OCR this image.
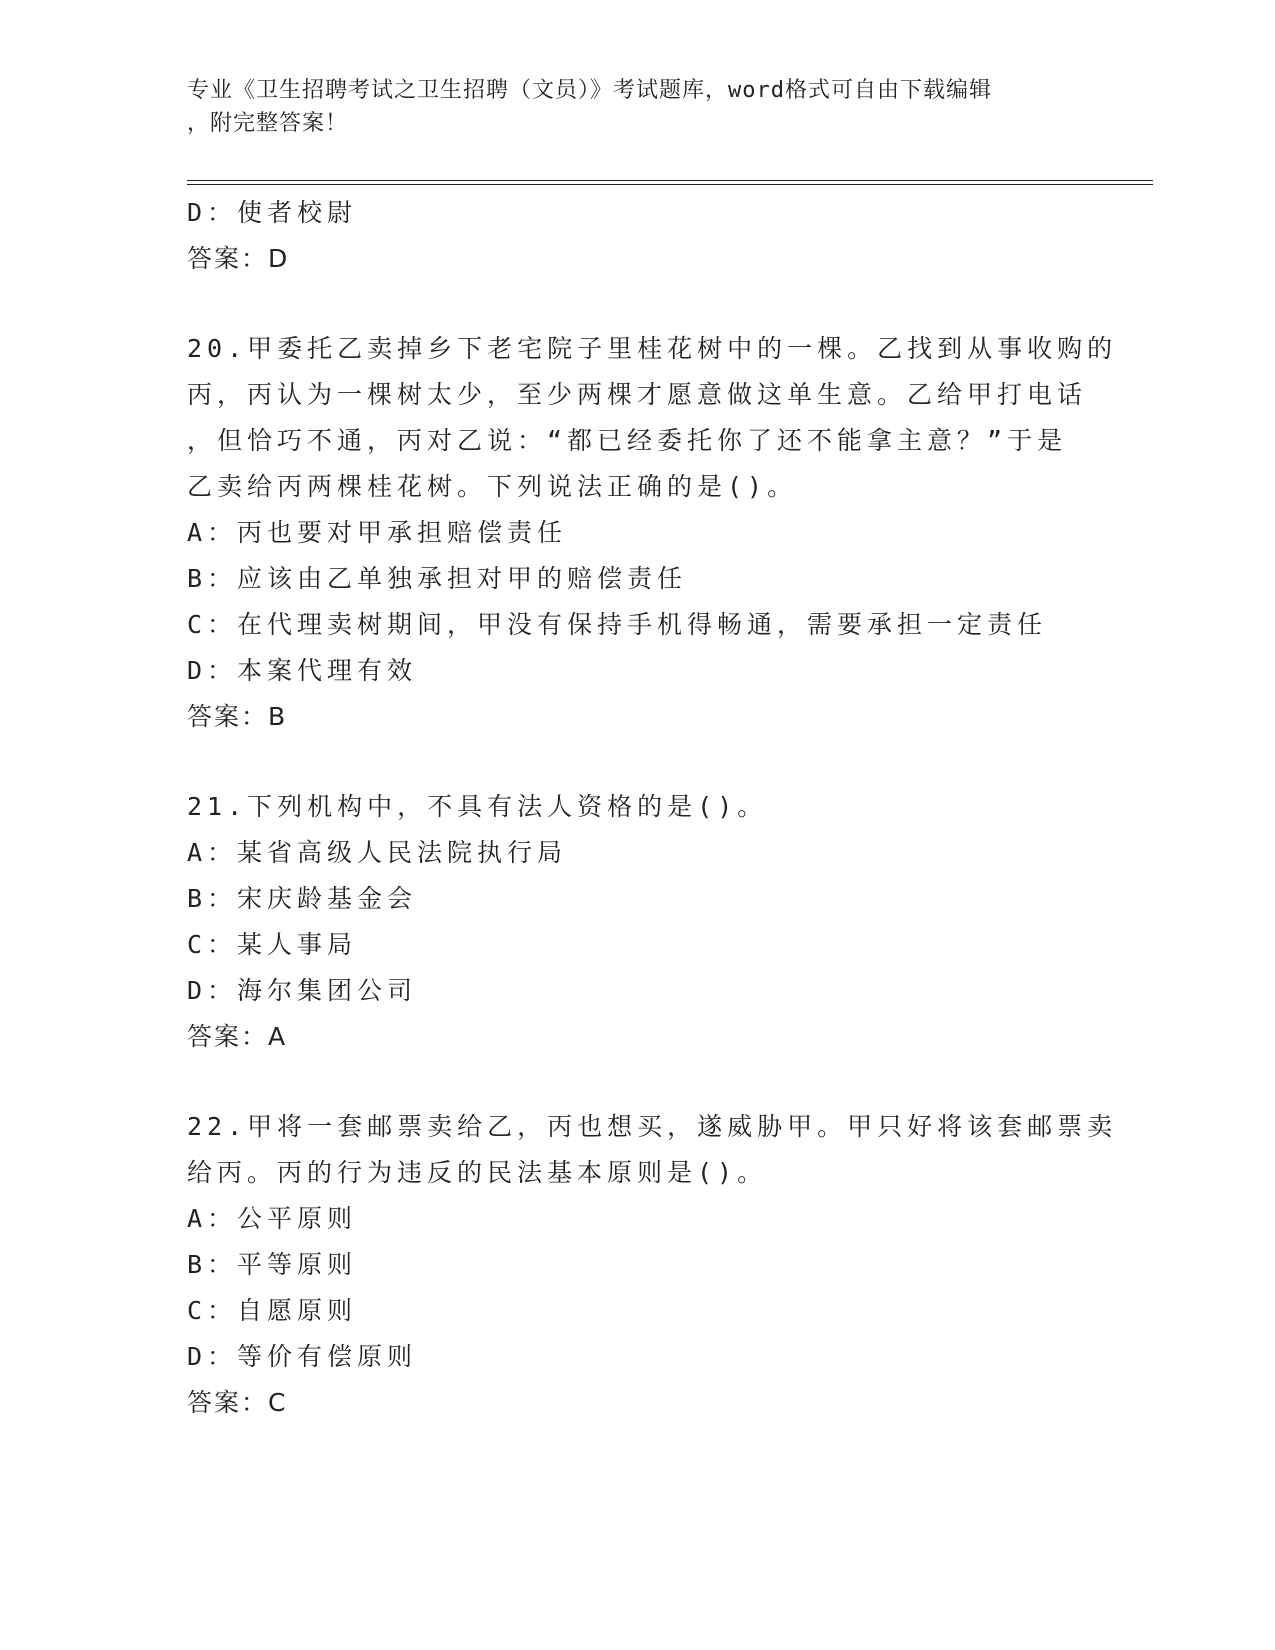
专业《卫生招聘考试之卫生招聘（文员）》考试题库，word格式可自由下载编辑
，附完整答案！
D：使者校尉
答案：D
20.甲委托乙卖掉乡下老宅院子里桂花树中的一棵。乙找到从事收购的
丙，丙认为一棵树太少，至少两棵才愿意做这单生意。乙给甲打电话
，但恰巧不通，丙对乙说：“都已经委托你了还不能拿主意？”于是
乙卖给丙两棵桂花树。下列说法正确的是()。
A：丙也要对甲承担赔偿责任
B：应该由乙单独承担对甲的赔偿责任
C：在代理卖树期间，甲没有保持手机得畅通，需要承担一定责任
D：本案代理有效
答案：B
21.下列机构中，不具有法人资格的是()。
A：某省高级人民法院执行局
B：宋庆龄基金会
C：某人事局
D：海尔集团公司
答案：A
22.甲将一套邮票卖给乙，丙也想买，遂威胁甲。甲只好将该套邮票卖
给丙。丙的行为违反的民法基本原则是()。
A：公平原则
B：平等原则
C：自愿原则
D：等价有偿原则
答案：C
